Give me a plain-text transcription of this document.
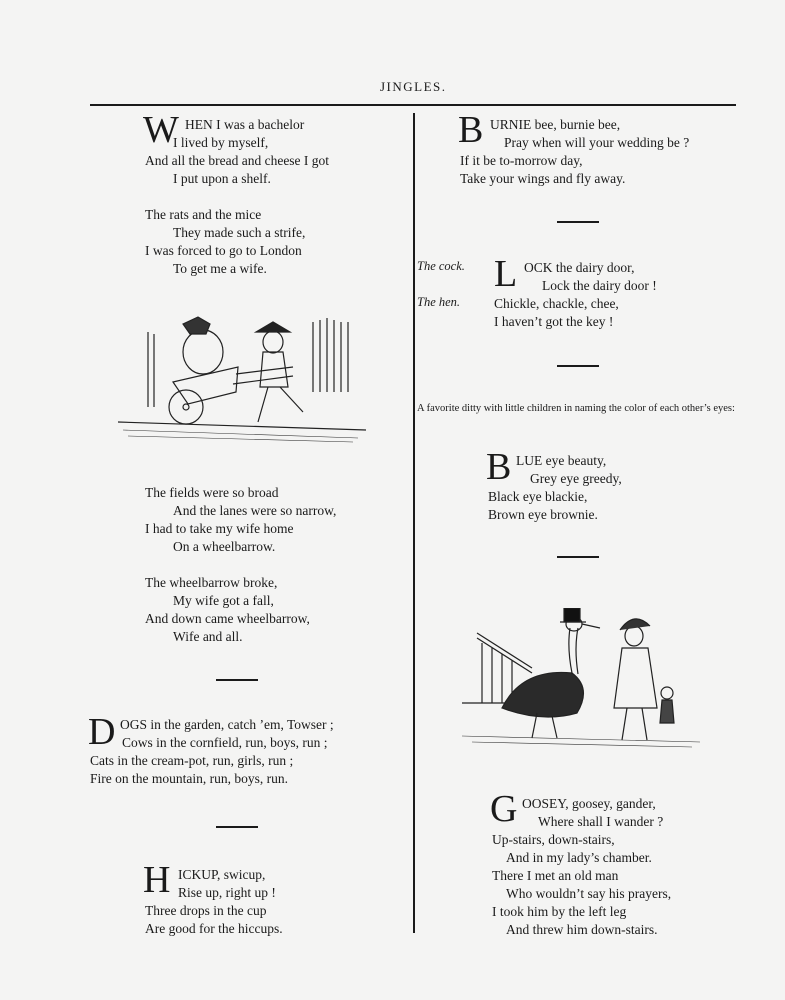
JINGLES.
W HEN I was a bachelor
I lived by myself,
And all the bread and cheese I got
I put upon a shelf.
The rats and the mice
They made such a strife,
I was forced to go to London
To get me a wife.
The fields were so broad
And the lanes were so narrow,
I had to take my wife home
On a wheelbarrow.
The wheelbarrow broke,
My wife got a fall,
And down came wheelbarrow,
Wife and all.
D OGS in the garden, catch ’em, Towser ;
Cows in the cornfield, run, boys, run ;
Cats in the cream-pot, run, girls, run ;
Fire on the mountain, run, boys, run.
H ICKUP, swicup,
Rise up, right up !
Three drops in the cup
Are good for the hiccups.
B URNIE bee, burnie bee,
Pray when will your wedding be ?
If it be to-morrow day,
Take your wings and fly away.
The cock.
The hen.
L OCK the dairy door,
Lock the dairy door !
Chickle, chackle, chee,
I haven’t got the key !
A favorite ditty with little children in naming the color of each other’s eyes:
B LUE eye beauty,
Grey eye greedy,
Black eye blackie,
Brown eye brownie.
G OOSEY, goosey, gander,
Where shall I wander ?
Up-stairs, down-stairs,
And in my lady’s chamber.
There I met an old man
Who wouldn’t say his prayers,
I took him by the left leg
And threw him down-stairs.
